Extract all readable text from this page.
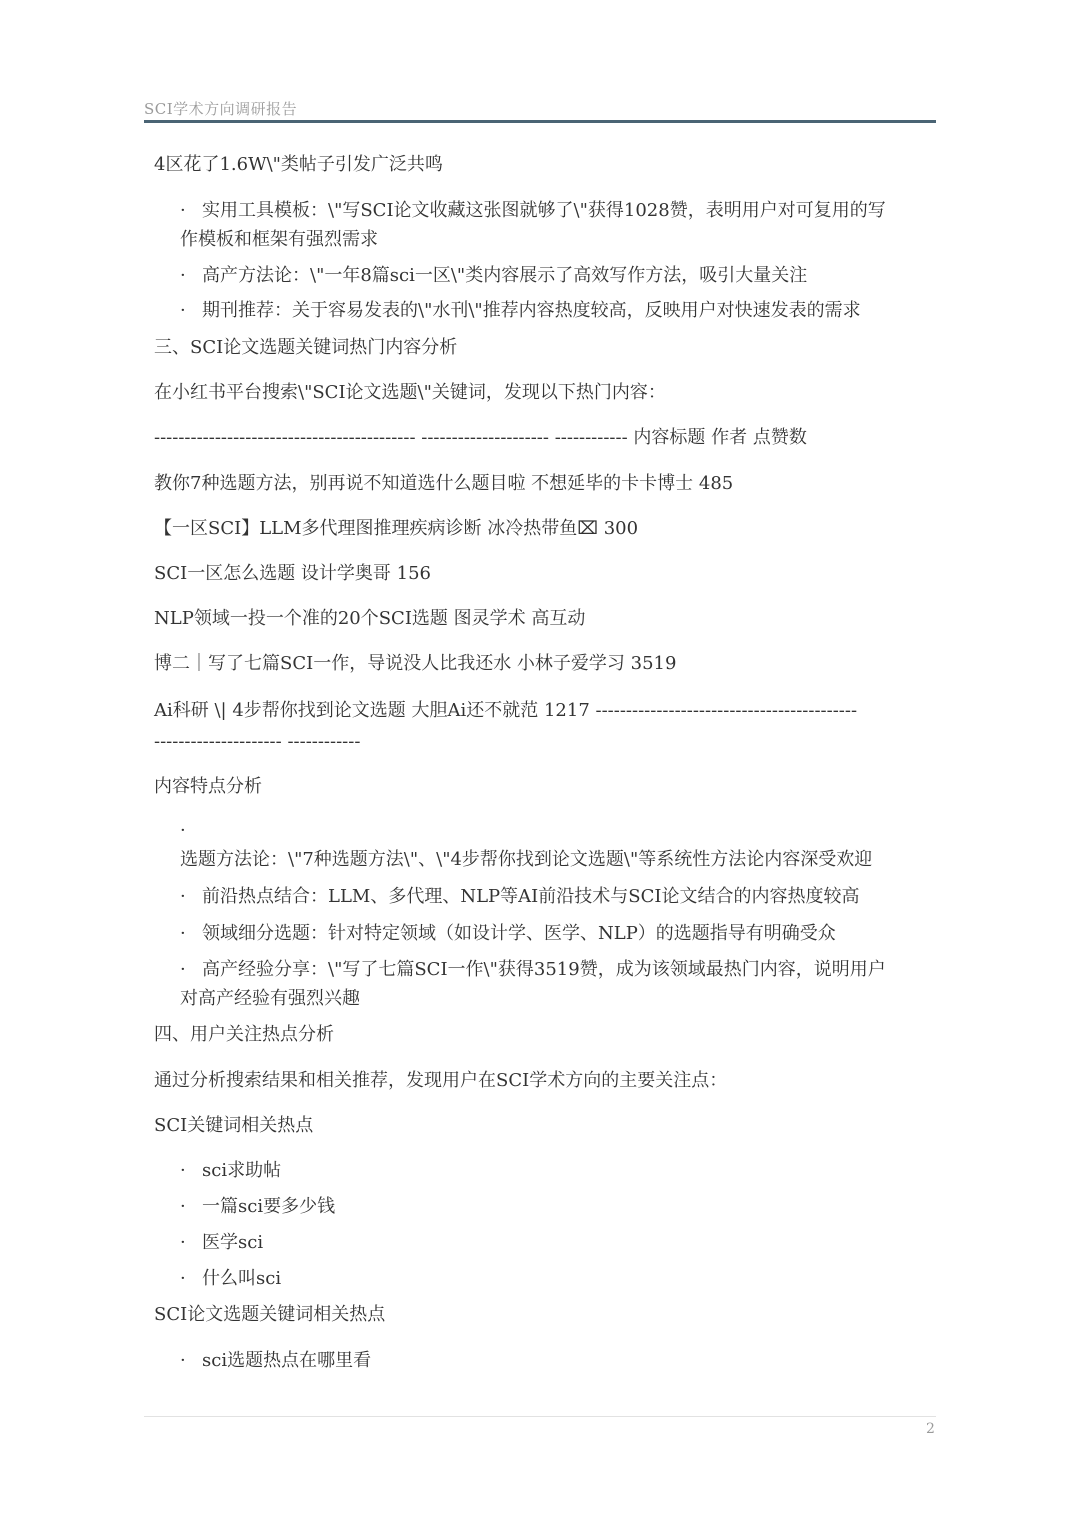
SCI学术方向调研报告
4区花了1.6W\"类帖子引发广泛共鸣
· 实用工具模板：\"写SCI论文收藏这张图就够了\"获得1028赞，表明用户对可复用的写
作模板和框架有强烈需求
· 高产方法论：\"一年8篇sci一区\"类内容展示了高效写作方法，吸引大量关注
· 期刊推荐：关于容易发表的\"水刊\"推荐内容热度较高，反映用户对快速发表的需求
三、SCI论文选题关键词热门内容分析
在小红书平台搜索\"SCI论文选题\"关键词，发现以下热门内容：
------------------------------------------- --------------------- ------------ 内容标题 作者 点赞数
教你7种选题方法，别再说不知道选什么题目啦 不想延毕的卡卡博士 485
【一区SCI】LLM多代理图推理疾病诊断 冰冷热带鱼⌧ 300
SCI一区怎么选题 设计学奥哥 156
NLP领域一投一个准的20个SCI选题 图灵学术 高互动
博二｜写了七篇SCI一作，导说没人比我还水 小林子爱学习 3519
Ai科研 \| 4步帮你找到论文选题 大胆Ai还不就范 1217 -------------------------------------------
--------------------- ------------
内容特点分析
·
选题方法论：\"7种选题方法\"、\"4步帮你找到论文选题\"等系统性方法论内容深受欢迎
· 前沿热点结合：LLM、多代理、NLP等AI前沿技术与SCI论文结合的内容热度较高
· 领域细分选题：针对特定领域（如设计学、医学、NLP）的选题指导有明确受众
· 高产经验分享：\"写了七篇SCI一作\"获得3519赞，成为该领域最热门内容，说明用户
对高产经验有强烈兴趣
四、用户关注热点分析
通过分析搜索结果和相关推荐，发现用户在SCI学术方向的主要关注点：
SCI关键词相关热点
· sci求助帖
· 一篇sci要多少钱
· 医学sci
· 什么叫sci
SCI论文选题关键词相关热点
· sci选题热点在哪里看
2
